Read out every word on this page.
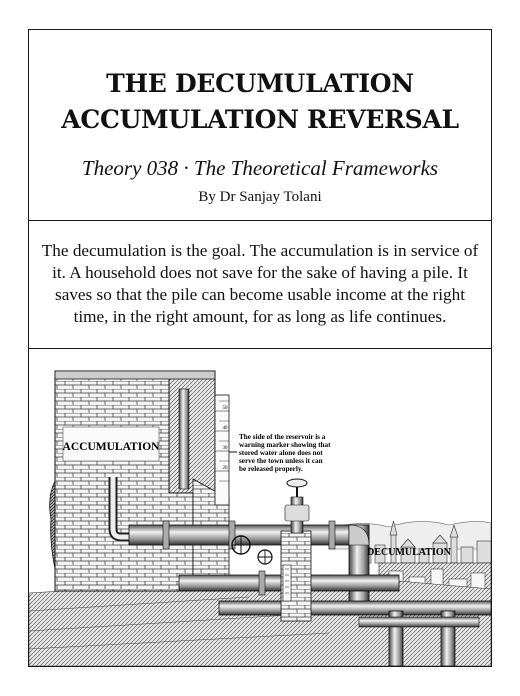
THE DECUMULATION
ACCUMULATION REVERSAL
Theory 038 · The Theoretical Frameworks
By Dr Sanjay Tolani

The decumulation is the goal. The accumulation is in service of it. A household does not save for the sake of having a pile. It saves so that the pile can become usable income at the right time, in the right amount, for as long as life continues.

50
40
30
20
ACCUMULATION
DECUMULATION
The side of the reservoir is a
warning marker showing that
stored water alone does not
serve the town unless it can
be released properly.
